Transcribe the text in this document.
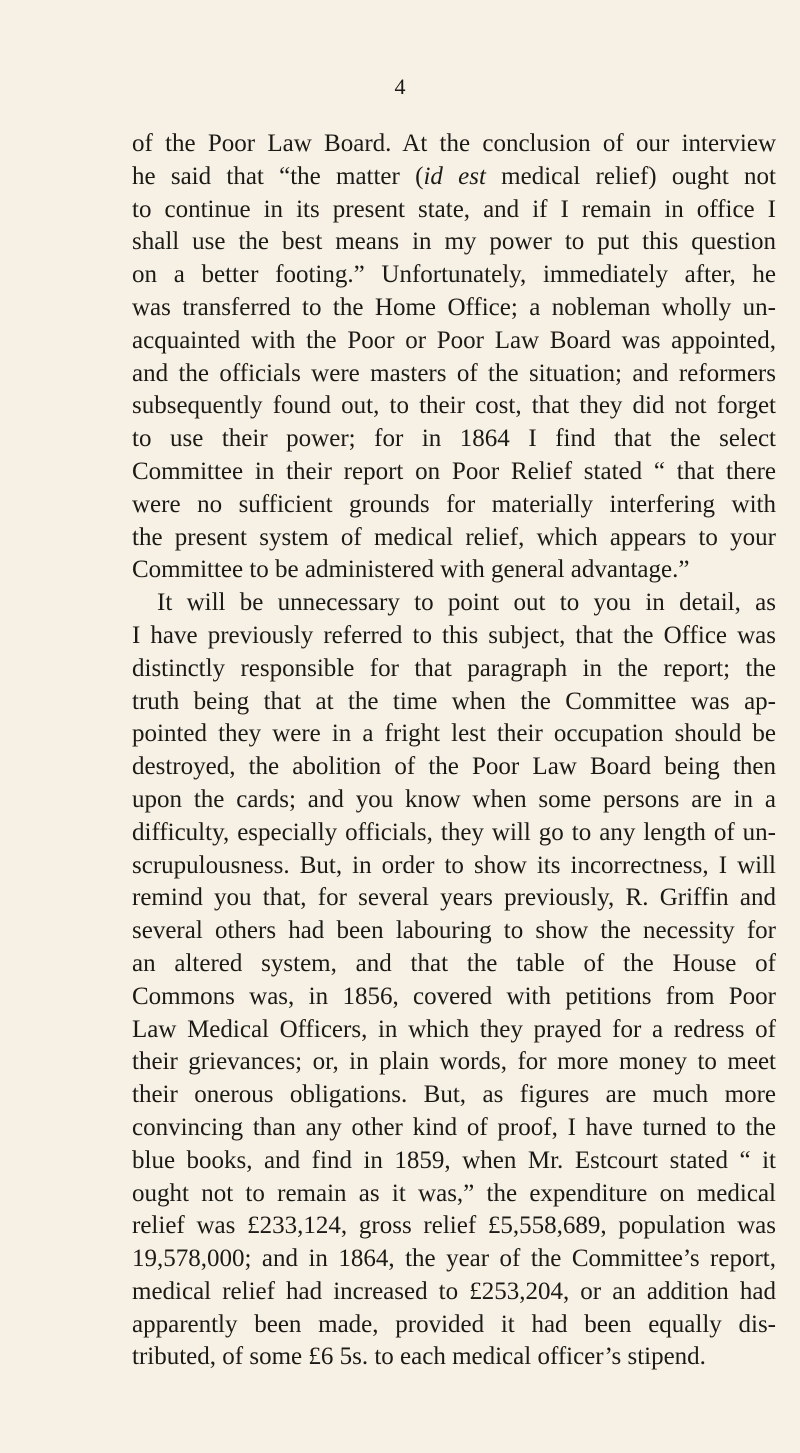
4
of the Poor Law Board. At the conclusion of our interview
he said that “the matter (id est medical relief) ought not
to continue in its present state, and if I remain in office I
shall use the best means in my power to put this question
on a better footing.” Unfortunately, immediately after, he
was transferred to the Home Office; a nobleman wholly un-
acquainted with the Poor or Poor Law Board was appointed,
and the officials were masters of the situation; and reformers
subsequently found out, to their cost, that they did not forget
to use their power; for in 1864 I find that the select
Committee in their report on Poor Relief stated “ that there
were no sufficient grounds for materially interfering with
the present system of medical relief, which appears to your
Committee to be administered with general advantage.”
It will be unnecessary to point out to you in detail, as
I have previously referred to this subject, that the Office was
distinctly responsible for that paragraph in the report; the
truth being that at the time when the Committee was ap-
pointed they were in a fright lest their occupation should be
destroyed, the abolition of the Poor Law Board being then
upon the cards; and you know when some persons are in a
difficulty, especially officials, they will go to any length of un-
scrupulousness. But, in order to show its incorrectness, I will
remind you that, for several years previously, R. Griffin and
several others had been labouring to show the necessity for
an altered system, and that the table of the House of
Commons was, in 1856, covered with petitions from Poor
Law Medical Officers, in which they prayed for a redress of
their grievances; or, in plain words, for more money to meet
their onerous obligations. But, as figures are much more
convincing than any other kind of proof, I have turned to the
blue books, and find in 1859, when Mr. Estcourt stated “ it
ought not to remain as it was,” the expenditure on medical
relief was £233,124, gross relief £5,558,689, population was
19,578,000; and in 1864, the year of the Committee’s report,
medical relief had increased to £253,204, or an addition had
apparently been made, provided it had been equally dis-
tributed, of some £6 5s. to each medical officer’s stipend.
